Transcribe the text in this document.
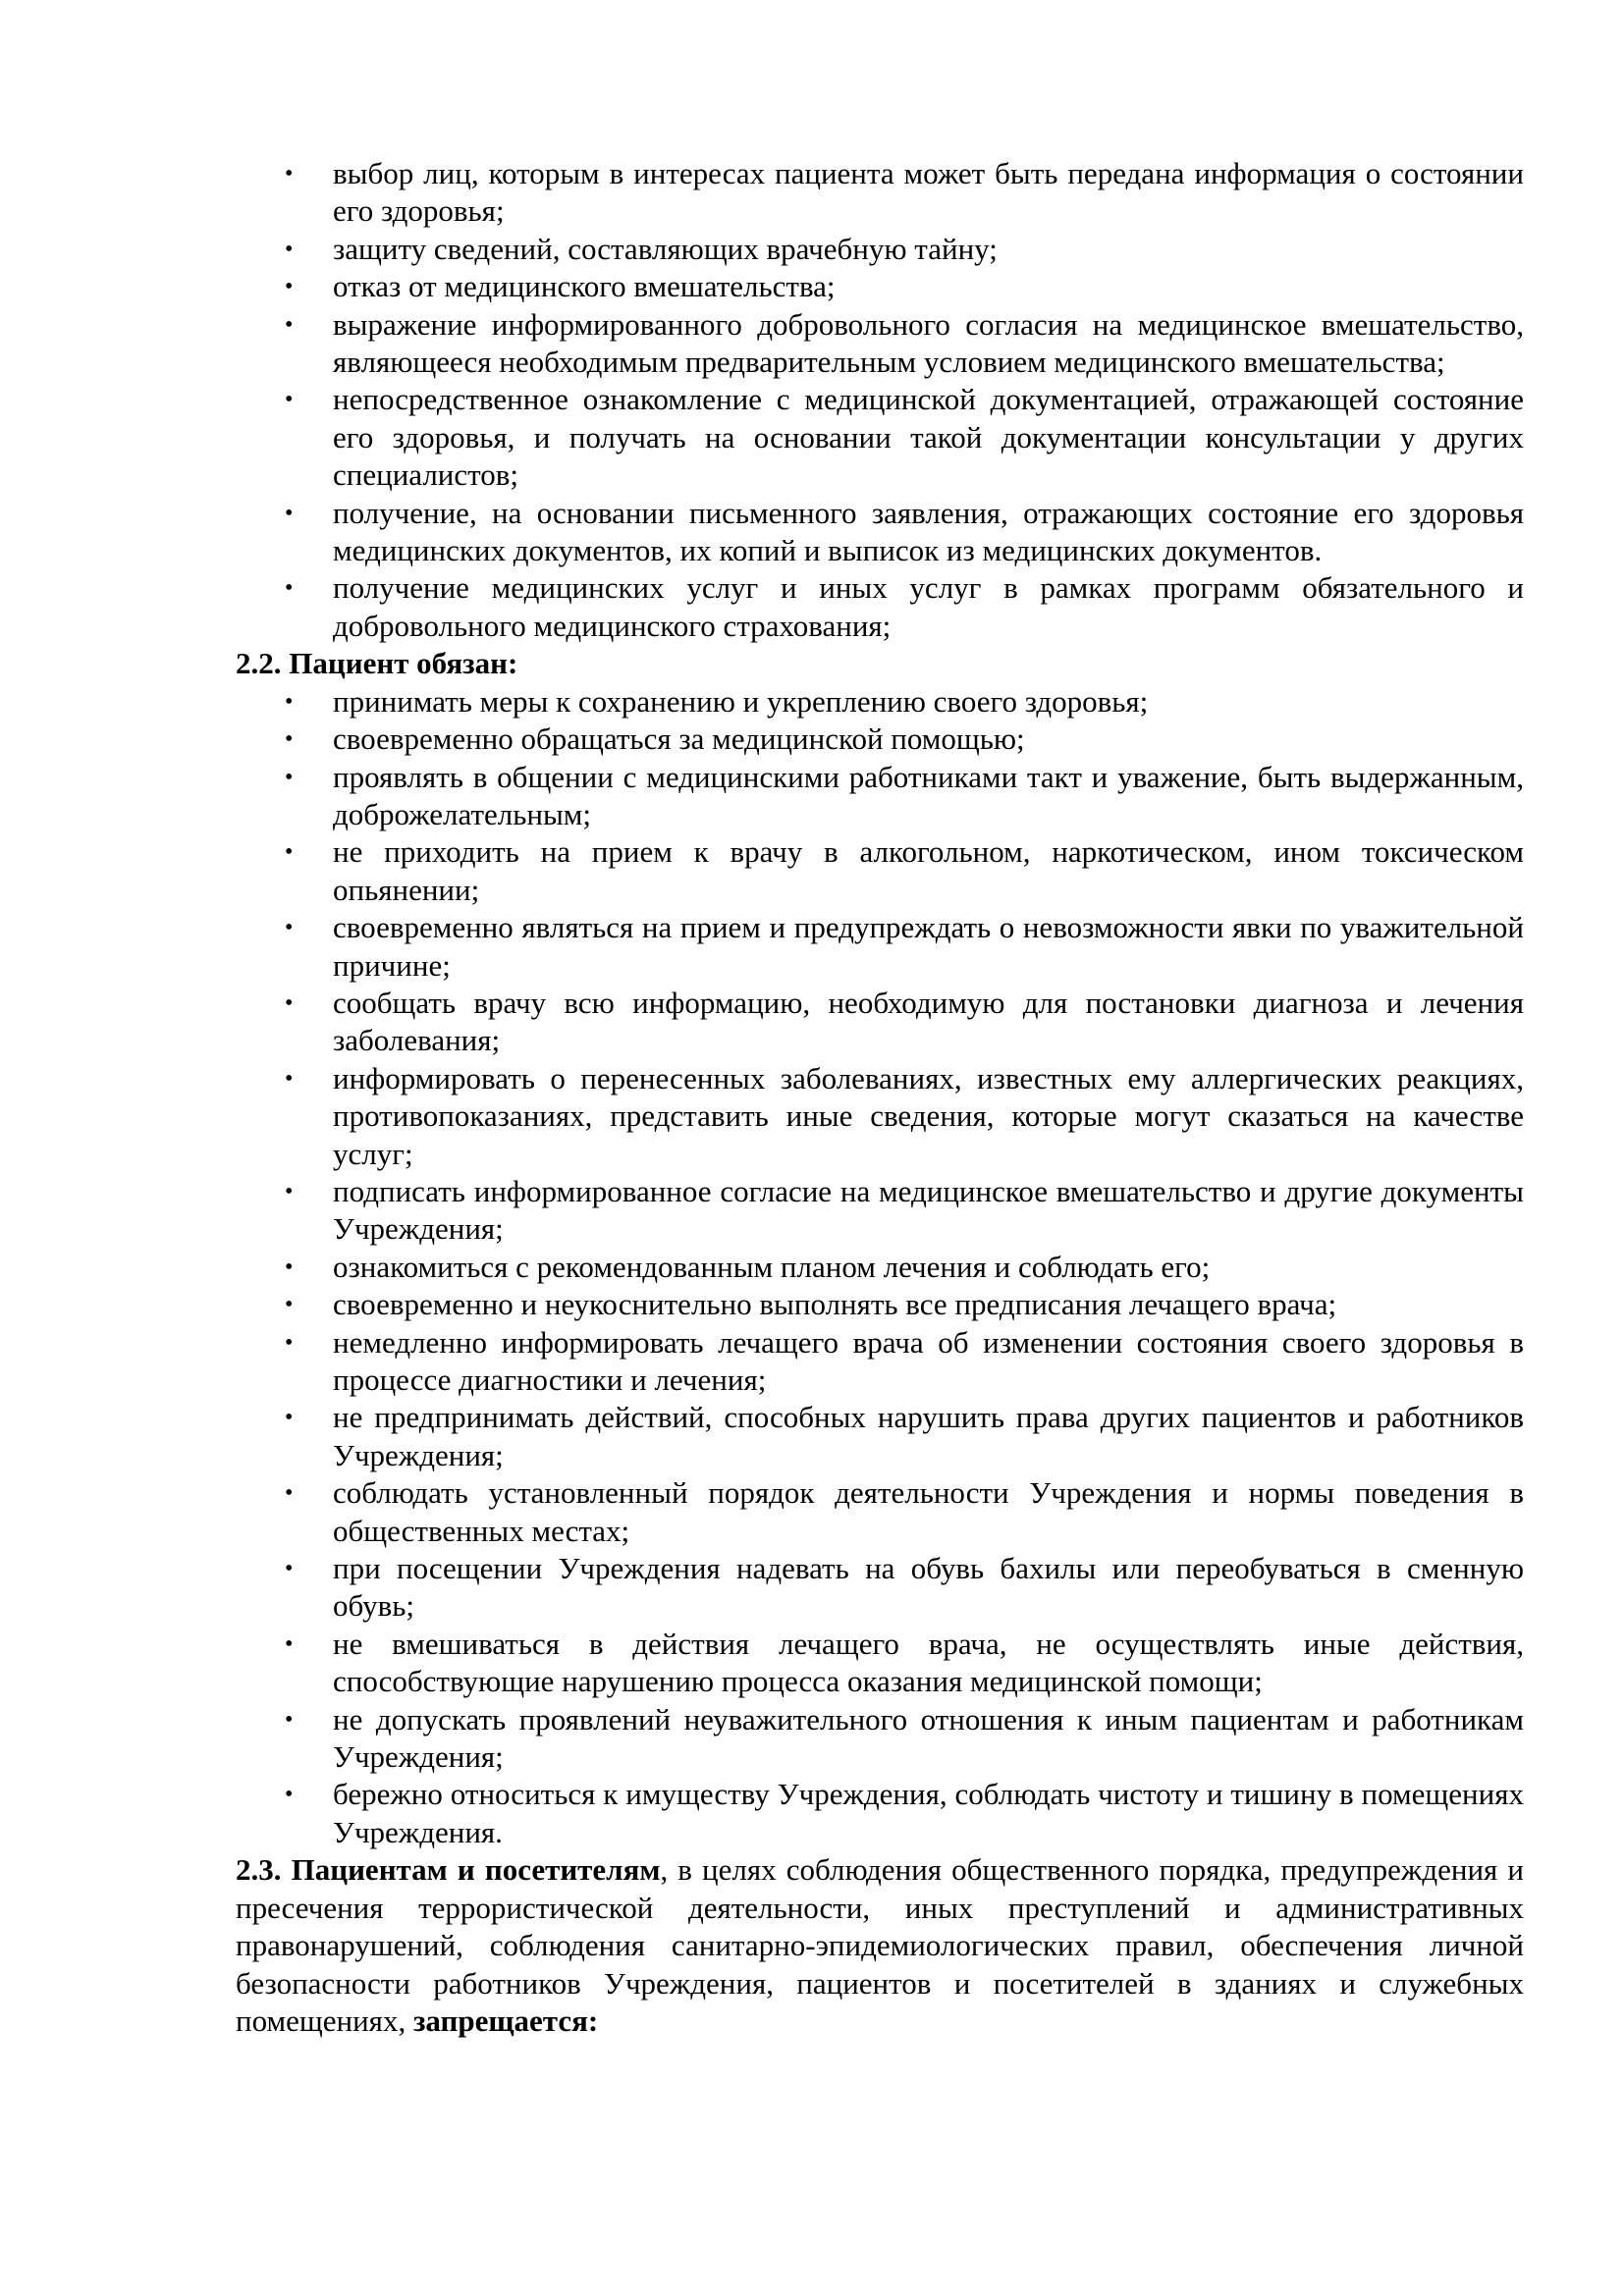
• выбор лиц, которым в интересах пациента может быть передана информация о состоянии его здоровья;
• защиту сведений, составляющих врачебную тайну;
• отказ от медицинского вмешательства;
• выражение информированного добровольного согласия на медицинское вмешательство, являющееся необходимым предварительным условием медицинского вмешательства;
• непосредственное ознакомление с медицинской документацией, отражающей состояние его здоровья, и получать на основании такой документации консультации у других специалистов;
• получение, на основании письменного заявления, отражающих состояние его здоровья медицинских документов, их копий и выписок из медицинских документов.
• получение медицинских услуг и иных услуг в рамках программ обязательного и добровольного медицинского страхования;
2.2. Пациент обязан:
• принимать меры к сохранению и укреплению своего здоровья;
• своевременно обращаться за медицинской помощью;
• проявлять в общении с медицинскими работниками такт и уважение, быть выдержанным, доброжелательным;
• не приходить на прием к врачу в алкогольном, наркотическом, ином токсическом опьянении;
• своевременно являться на прием и предупреждать о невозможности явки по уважительной причине;
• сообщать врачу всю информацию, необходимую для постановки диагноза и лечения заболевания;
• информировать о перенесенных заболеваниях, известных ему аллергических реакциях, противопоказаниях, представить иные сведения, которые могут сказаться на качестве услуг;
• подписать информированное согласие на медицинское вмешательство и другие документы Учреждения;
• ознакомиться с рекомендованным планом лечения и соблюдать его;
• своевременно и неукоснительно выполнять все предписания лечащего врача;
• немедленно информировать лечащего врача об изменении состояния своего здоровья в процессе диагностики и лечения;
• не предпринимать действий, способных нарушить права других пациентов и работников Учреждения;
• соблюдать установленный порядок деятельности Учреждения и нормы поведения в общественных местах;
• при посещении Учреждения надевать на обувь бахилы или переобуваться в сменную обувь;
• не вмешиваться в действия лечащего врача, не осуществлять иные действия, способствующие нарушению процесса оказания медицинской помощи;
• не допускать проявлений неуважительного отношения к иным пациентам и работникам Учреждения;
• бережно относиться к имуществу Учреждения, соблюдать чистоту и тишину в помещениях Учреждения.
2.3. Пациентам и посетителям, в целях соблюдения общественного порядка, предупреждения и пресечения террористической деятельности, иных преступлений и административных правонарушений, соблюдения санитарно-эпидемиологических правил, обеспечения личной безопасности работников Учреждения, пациентов и посетителей в зданиях и служебных помещениях, запрещается:
